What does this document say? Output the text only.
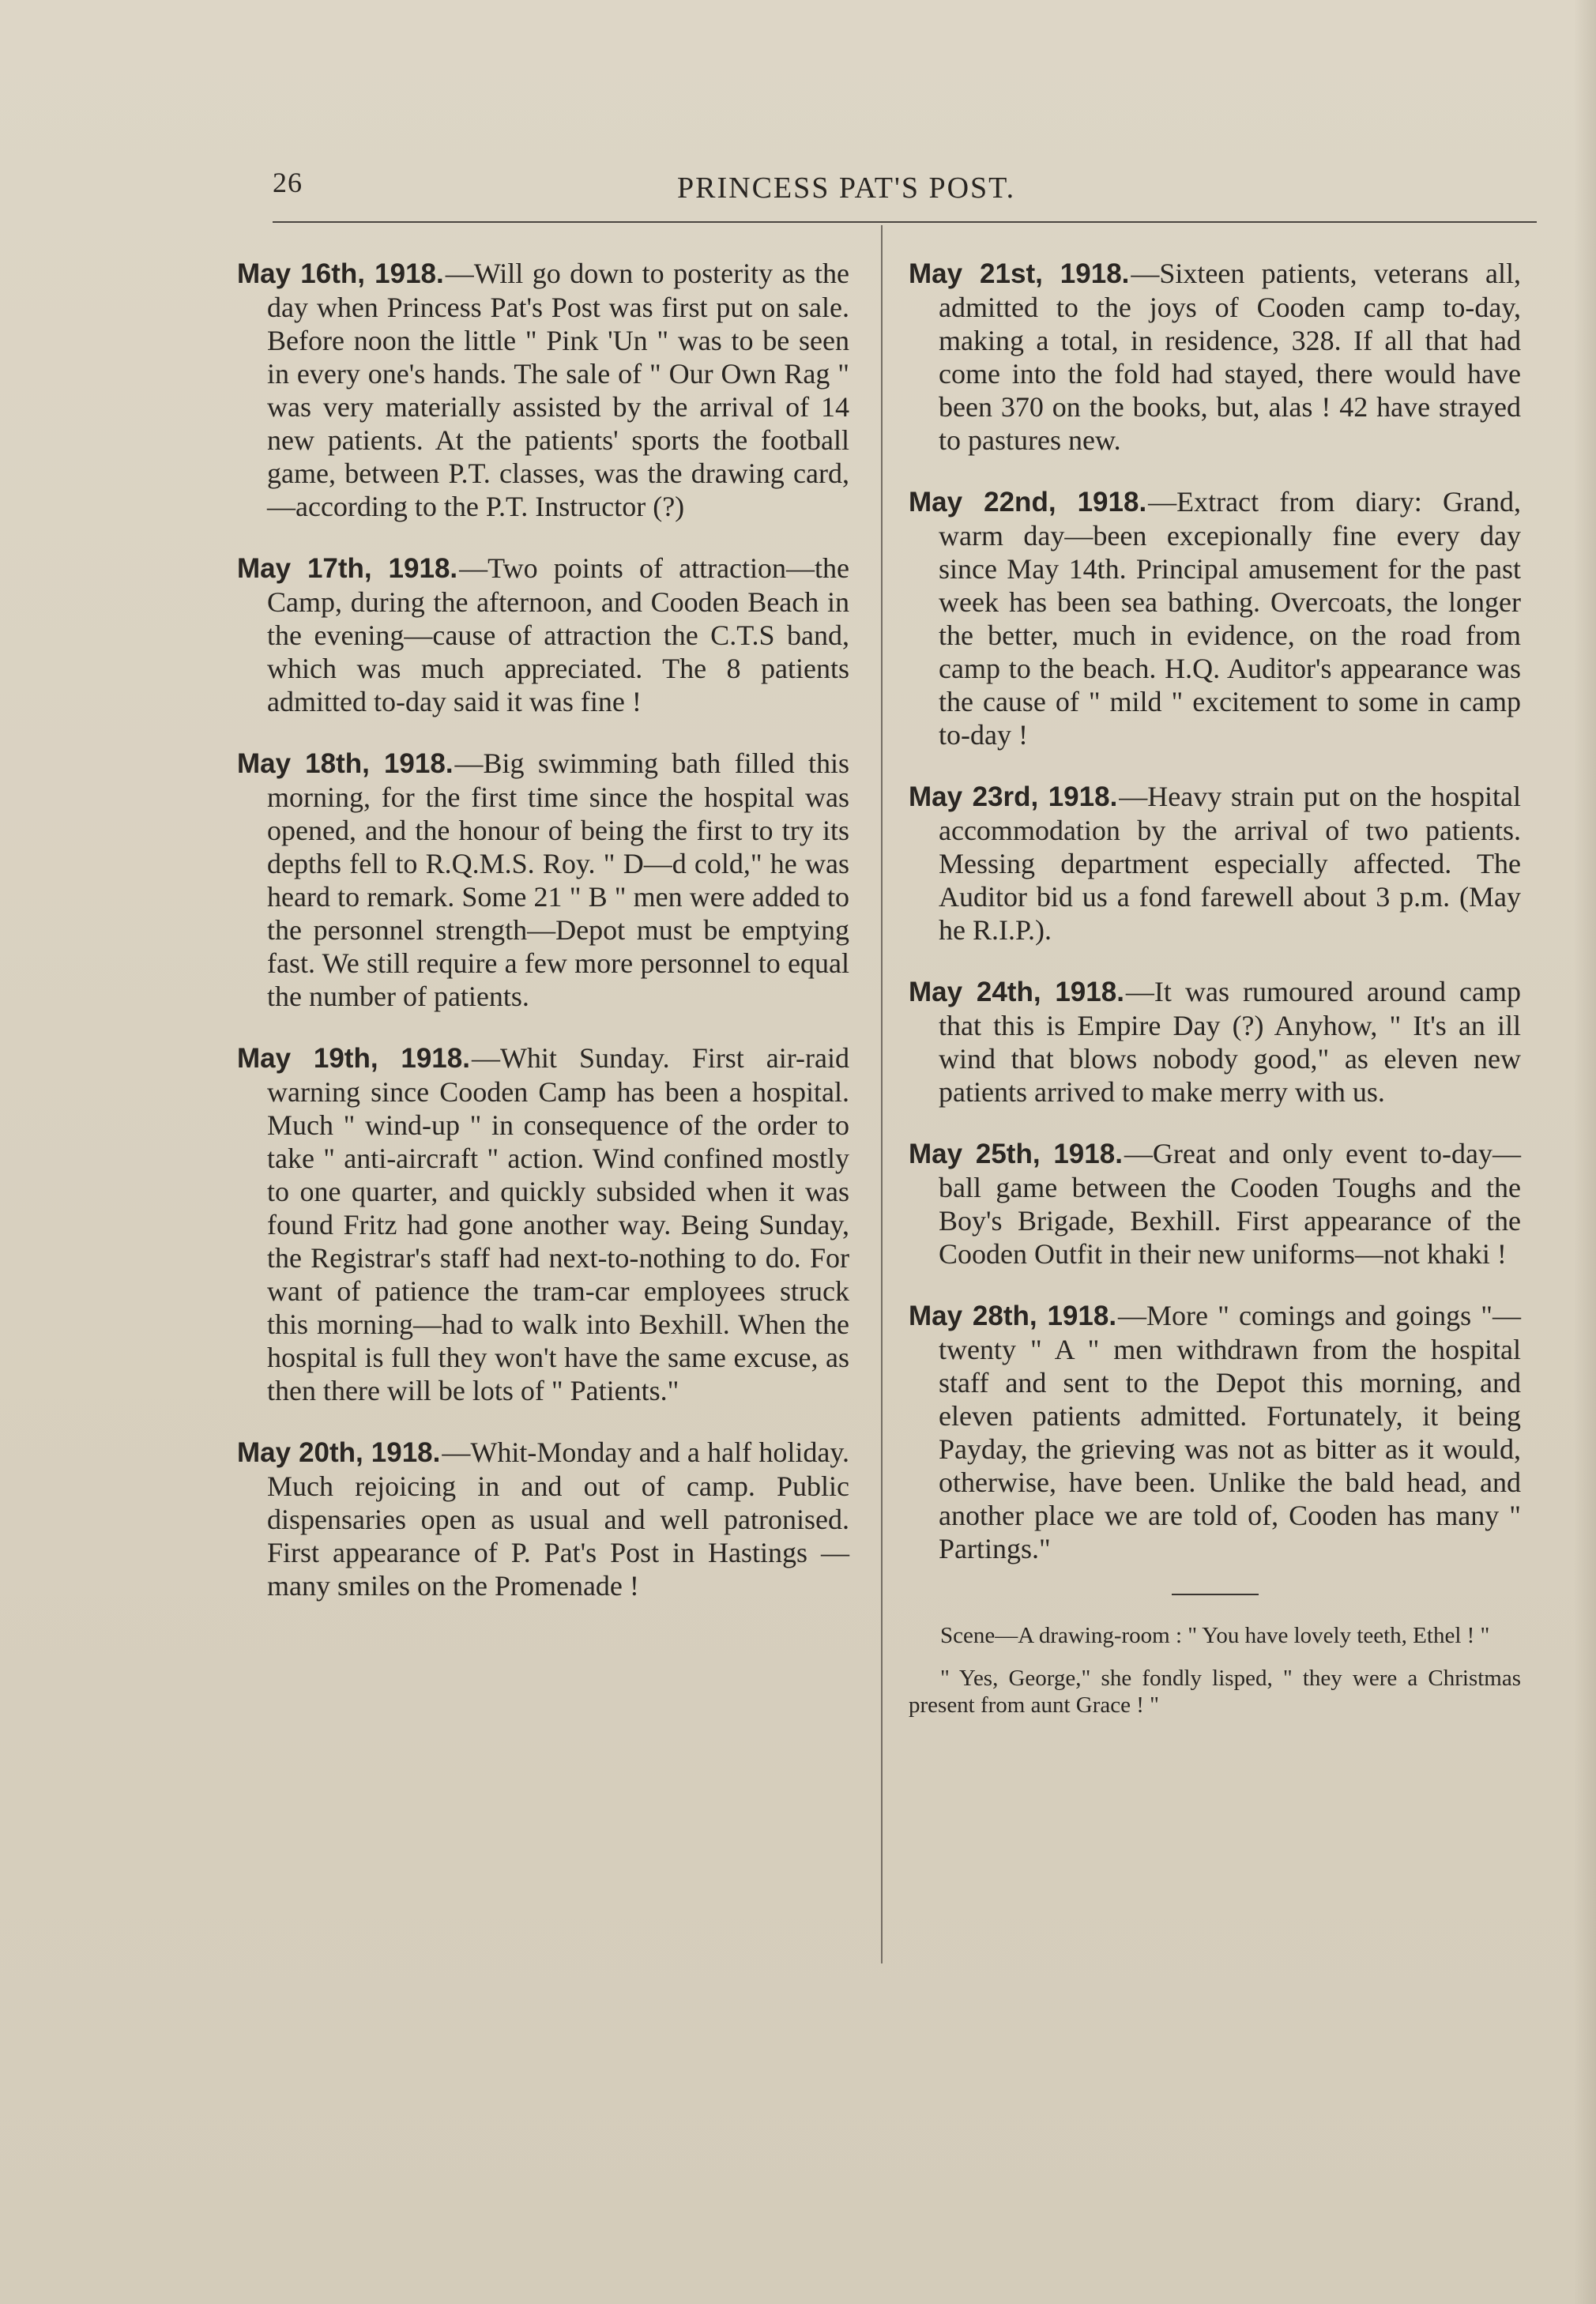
26	PRINCESS PAT'S POST.

May 16th, 1918.—Will go down to posterity as the day when Princess Pat's Post was first put on sale. Before noon the little " Pink 'Un " was to be seen in every one's hands. The sale of " Our Own Rag " was very materially assisted by the arrival of 14 new patients. At the patients' sports the football game, between P.T. classes, was the drawing card,—according to the P.T. Instructor (?)

May 17th, 1918.—Two points of attraction—the Camp, during the afternoon, and Cooden Beach in the evening—cause of attraction the C.T.S band, which was much appreciated. The 8 patients admitted to-day said it was fine !

May 18th, 1918.—Big swimming bath filled this morning, for the first time since the hospital was opened, and the honour of being the first to try its depths fell to R.Q.M.S. Roy. " D—d cold," he was heard to remark. Some 21 " B " men were added to the personnel strength—Depot must be emptying fast. We still require a few more personnel to equal the number of patients.

May 19th, 1918.—Whit Sunday. First air-raid warning since Cooden Camp has been a hospital. Much " wind-up " in consequence of the order to take " anti-aircraft " action. Wind confined mostly to one quarter, and quickly subsided when it was found Fritz had gone another way. Being Sunday, the Registrar's staff had next-to-nothing to do. For want of patience the tram-car employees struck this morning—had to walk into Bexhill. When the hospital is full they won't have the same excuse, as then there will be lots of " Patients."

May 20th, 1918.—Whit-Monday and a half holiday. Much rejoicing in and out of camp. Public dispensaries open as usual and well patronised. First appearance of P. Pat's Post in Hastings —many smiles on the Promenade !

May 21st, 1918.—Sixteen patients, veterans all, admitted to the joys of Cooden camp to-day, making a total, in residence, 328. If all that had come into the fold had stayed, there would have been 370 on the books, but, alas ! 42 have strayed to pastures new.

May 22nd, 1918.—Extract from diary: Grand, warm day—been excepionally fine every day since May 14th. Principal amusement for the past week has been sea bathing. Overcoats, the longer the better, much in evidence, on the road from camp to the beach. H.Q. Auditor's appearance was the cause of " mild " excitement to some in camp to-day !

May 23rd, 1918.—Heavy strain put on the hospital accommodation by the arrival of two patients. Messing department especially affected. The Auditor bid us a fond farewell about 3 p.m. (May he R.I.P.).

May 24th, 1918.—It was rumoured around camp that this is Empire Day (?) Anyhow, " It's an ill wind that blows nobody good," as eleven new patients arrived to make merry with us.

May 25th, 1918.—Great and only event to-day—ball game between the Cooden Toughs and the Boy's Brigade, Bexhill. First appearance of the Cooden Outfit in their new uniforms—not khaki !

May 28th, 1918.—More " comings and goings "—twenty " A " men withdrawn from the hospital staff and sent to the Depot this morning, and eleven patients admitted. Fortunately, it being Payday, the grieving was not as bitter as it would, otherwise, have been. Unlike the bald head, and another place we are told of, Cooden has many " Partings."

Scene—A drawing-room : " You have lovely teeth, Ethel ! "

" Yes, George," she fondly lisped, " they were a Christmas present from aunt Grace ! "
